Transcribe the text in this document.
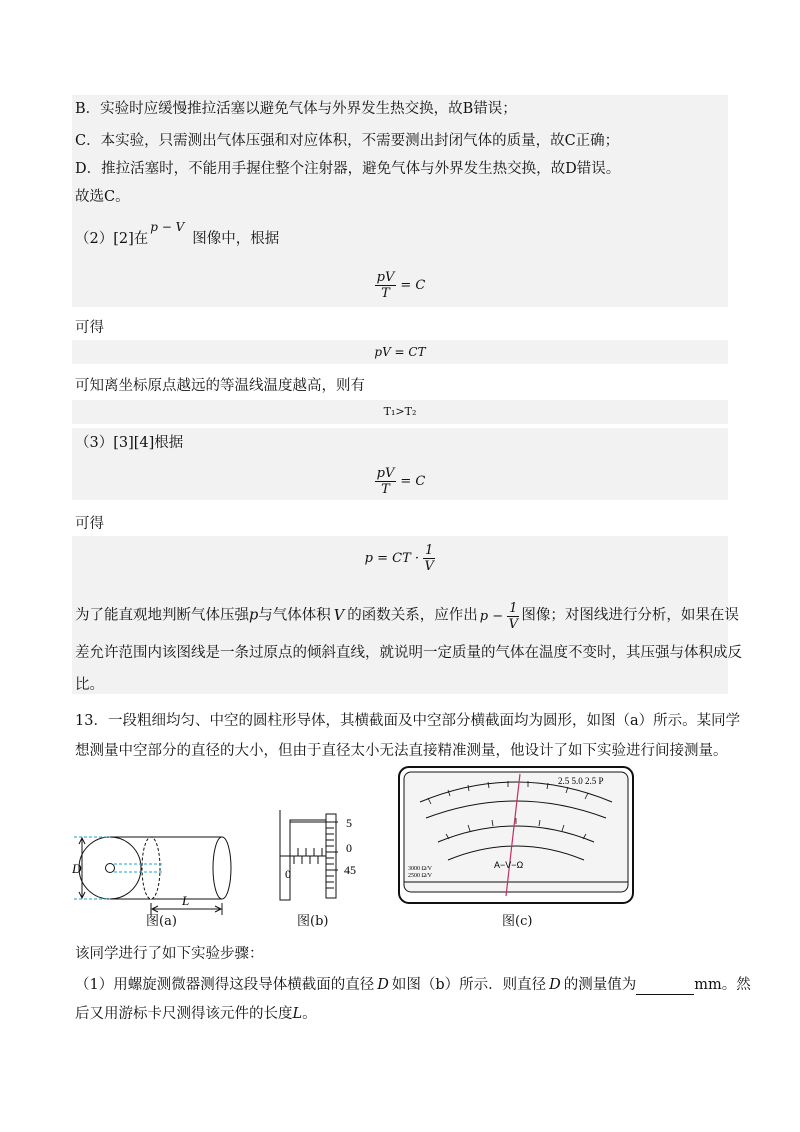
B．实验时应缓慢推拉活塞以避免气体与外界发生热交换，故B错误；
C．本实验，只需测出气体压强和对应体积，不需要测出封闭气体的质量，故C正确；
D．推拉活塞时，不能用手握住整个注射器，避免气体与外界发生热交换，故D错误。
故选C。
（2）[2]在$^{p - V}$图像中，根据
$\frac{pV}{T} = C$
可得
pV = CT
可知离坐标原点越远的等温线温度越高，则有
T₁>T₂
（3）[3][4]根据
$\frac{pV}{T} = C$
可得
p = CT · $\frac{1}{V}$
为了能直观地判断气体压强p与气体体积 V 的函数关系，应作出 $p - \frac{1}{V}$ 图像；对图线进行分析，如果在误
差允许范围内该图线是一条过原点的倾斜直线，就说明一定质量的气体在温度不变时，其压强与体积成反
比。
13．一段粗细均匀、中空的圆柱形导体，其横截面及中空部分横截面均为圆形，如图（a）所示。某同学
想测量中空部分的直径的大小，但由于直径太小无法直接精准测量，他设计了如下实验进行间接测量。
D
L
图(a)
5
0
45
0
图(b)
2.5 5.0 2.5 P
A−V−Ω
3000 Ω/V
2500 Ω/V
图(c)
该同学进行了如下实验步骤：
（1）用螺旋测微器测得这段导体横截面的直径 D 如图（b）所示．则直径 D 的测量值为	mm。然
后又用游标卡尺测得该元件的长度L。
